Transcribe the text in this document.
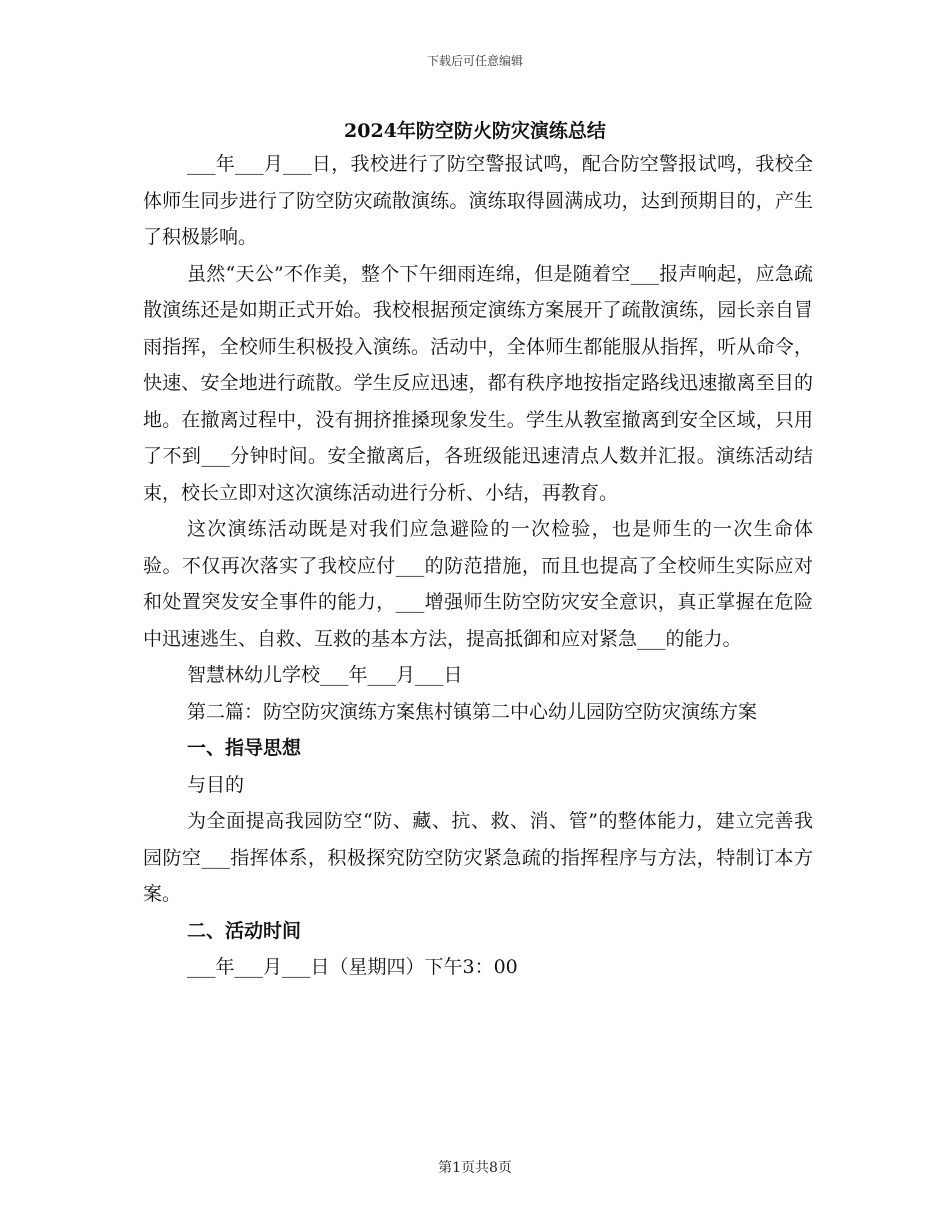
下载后可任意编辑
2024年防空防火防灾演练总结

___年___月___日，我校进行了防空警报试鸣，配合防空警报试鸣，我校全体师生同步进行了防空防灾疏散演练。演练取得圆满成功，达到预期目的，产生了积极影响。

虽然“天公”不作美，整个下午细雨连绵，但是随着空___报声响起，应急疏散演练还是如期正式开始。我校根据预定演练方案展开了疏散演练，园长亲自冒雨指挥，全校师生积极投入演练。活动中，全体师生都能服从指挥，听从命令，快速、安全地进行疏散。学生反应迅速，都有秩序地按指定路线迅速撤离至目的地。在撤离过程中，没有拥挤推搡现象发生。学生从教室撤离到安全区域，只用了不到___分钟时间。安全撤离后，各班级能迅速清点人数并汇报。演练活动结束，校长立即对这次演练活动进行分析、小结，再教育。

这次演练活动既是对我们应急避险的一次检验，也是师生的一次生命体验。不仅再次落实了我校应付___的防范措施，而且也提高了全校师生实际应对和处置突发安全事件的能力，___增强师生防空防灾安全意识，真正掌握在危险中迅速逃生、自救、互救的基本方法，提高抵御和应对紧急___的能力。

智慧林幼儿学校___年___月___日

第二篇：防空防灾演练方案焦村镇第二中心幼儿园防空防灾演练方案

一、指导思想

与目的

为全面提高我园防空“防、藏、抗、救、消、管”的整体能力，建立完善我园防空___指挥体系，积极探究防空防灾紧急疏的指挥程序与方法，特制订本方案。

二、活动时间

___年___月___日（星期四）下午3：00

第1页共8页
